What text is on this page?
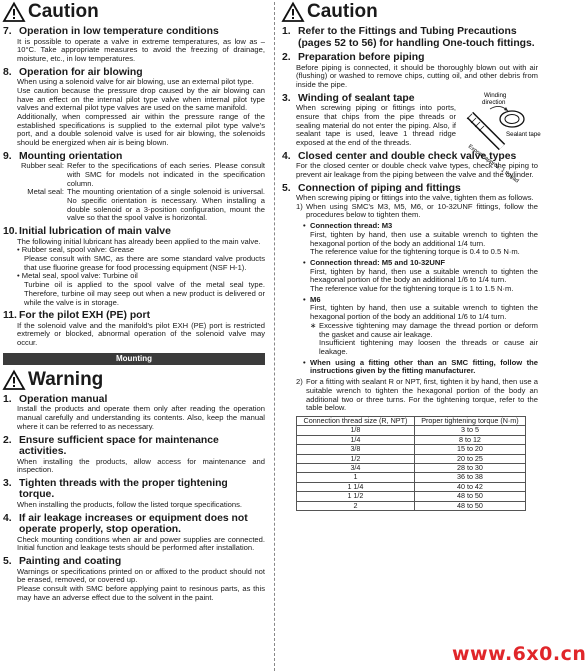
Caution
7. Operation in low temperature conditions

It is possible to operate a valve in extreme temperatures, as low as –10°C. Take appropriate measures to avoid the freezing of drainage, moisture, etc., in low temperatures.

8. Operation for air blowing

When using a solenoid valve for air blowing, use an external pilot type.

Use caution because the pressure drop caused by the air blowing can have an effect on the internal pilot type valve when internal pilot type valves and external pilot type valves are used on the same manifold.

Additionally, when compressed air within the pressure range of the established specifications is supplied to the external pilot type valve's port, and a double solenoid valve is used for air blowing, the solenoids should be energized when air is being blown.

9. Mounting orientation
Rubber seal: Refer to the specifications of each series. Please consult with SMC for models not indicated in the specification column.
Metal seal: The mounting orientation of a single solenoid is universal. No specific orientation is necessary. When installing a double solenoid or a 3-position configuration, mount the valve so that the spool valve is horizontal.
10. Initial lubrication of main valve

The following initial lubricant has already been applied to the main valve.

• Rubber seal, spool valve: Grease

Please consult with SMC, as there are some standard valve products that use fluorine grease for food processing equipment (NSF H-1).

• Metal seal, spool valve: Turbine oil

Turbine oil is applied to the spool valve of the metal seal type. Therefore, turbine oil may seep out when a new product is delivered or while the valve is in storage.

11. For the pilot EXH (PE) port

If the solenoid valve and the manifold's pilot EXH (PE) port is restricted extremely or blocked, abnormal operation of the solenoid valve may occur.

Mounting
Warning
1. Operation manual

Install the products and operate them only after reading the operation manual carefully and understanding its contents. Also, keep the manual where it can be referred to as necessary.

2. Ensure sufficient space for maintenance activities.

When installing the products, allow access for maintenance and inspection.

3. Tighten threads with the proper tightening torque.

When installing the products, follow the listed torque specifications.

4. If air leakage increases or equipment does not operate properly, stop operation.

Check mounting conditions when air and power supplies are connected. Initial function and leakage tests should be performed after installation.

5. Painting and coating

Warnings or specifications printed on or affixed to the product should not be erased, removed, or covered up.

Please consult with SMC before applying paint to resinous parts, as this may have an adverse effect due to the solvent in the paint.

Caution
1. Refer to the Fittings and Tubing Precautions (pages 52 to 56) for handling One-touch fittings.
2. Preparation before piping

Before piping is connected, it should be thoroughly blown out with air (flushing) or washed to remove chips, cutting oil, and other debris from inside the pipe.

3. Winding of sealant tape

When screwing piping or fittings into ports, ensure that chips from the pipe threads or sealing material do not enter the piping. Also, if sealant tape is used, leave 1 thread ridge exposed at the end of the threads.

Winding
direction
Sealant tape
Expose approx. 1 thread
4. Closed center and double check valve types

For the closed center or double check valve types, check the piping to prevent air leakage from the piping between the valve and the cylinder.

5. Connection of piping and fittings

When screwing piping or fittings into the valve, tighten them as follows.

1) When using SMC's M3, M5, M6, or 10-32UNF fittings, follow the procedures below to tighten them.
• Connection thread: M3

First, tighten by hand, then use a suitable wrench to tighten the hexagonal portion of the body an additional 1/4 turn.

The reference value for the tightening torque is 0.4 to 0.5 N·m.

• Connection thread: M5 and 10-32UNF

First, tighten by hand, then use a suitable wrench to tighten the hexagonal portion of the body an additional 1/6 to 1/4 turn.

The reference value for the tightening torque is 1 to 1.5 N·m.

• M6

First, tighten by hand, then use a suitable wrench to tighten the hexagonal portion of the body an additional 1/6 to 1/4 turn.

∗ Excessive tightening may damage the thread portion or deform the gasket and cause air leakage.
Insufficient tightening may loosen the threads or cause air leakage.
• When using a fitting other than an SMC fitting, follow the instructions given by the fitting manufacturer.
2) For a fitting with sealant R or NPT, first, tighten it by hand, then use a suitable wrench to tighten the hexagonal portion of the body an additional two or three turns. For the tightening torque, refer to the table below.
Connection thread size (R, NPT)	Proper tightening torque (N·m)
1/8	3 to 5
1/4	8 to 12
3/8	15 to 20
1/2	20 to 25
3/4	28 to 30
1	36 to 38
1 1/4	40 to 42
1 1/2	48 to 50
2	48 to 50
www.6x0.cn
